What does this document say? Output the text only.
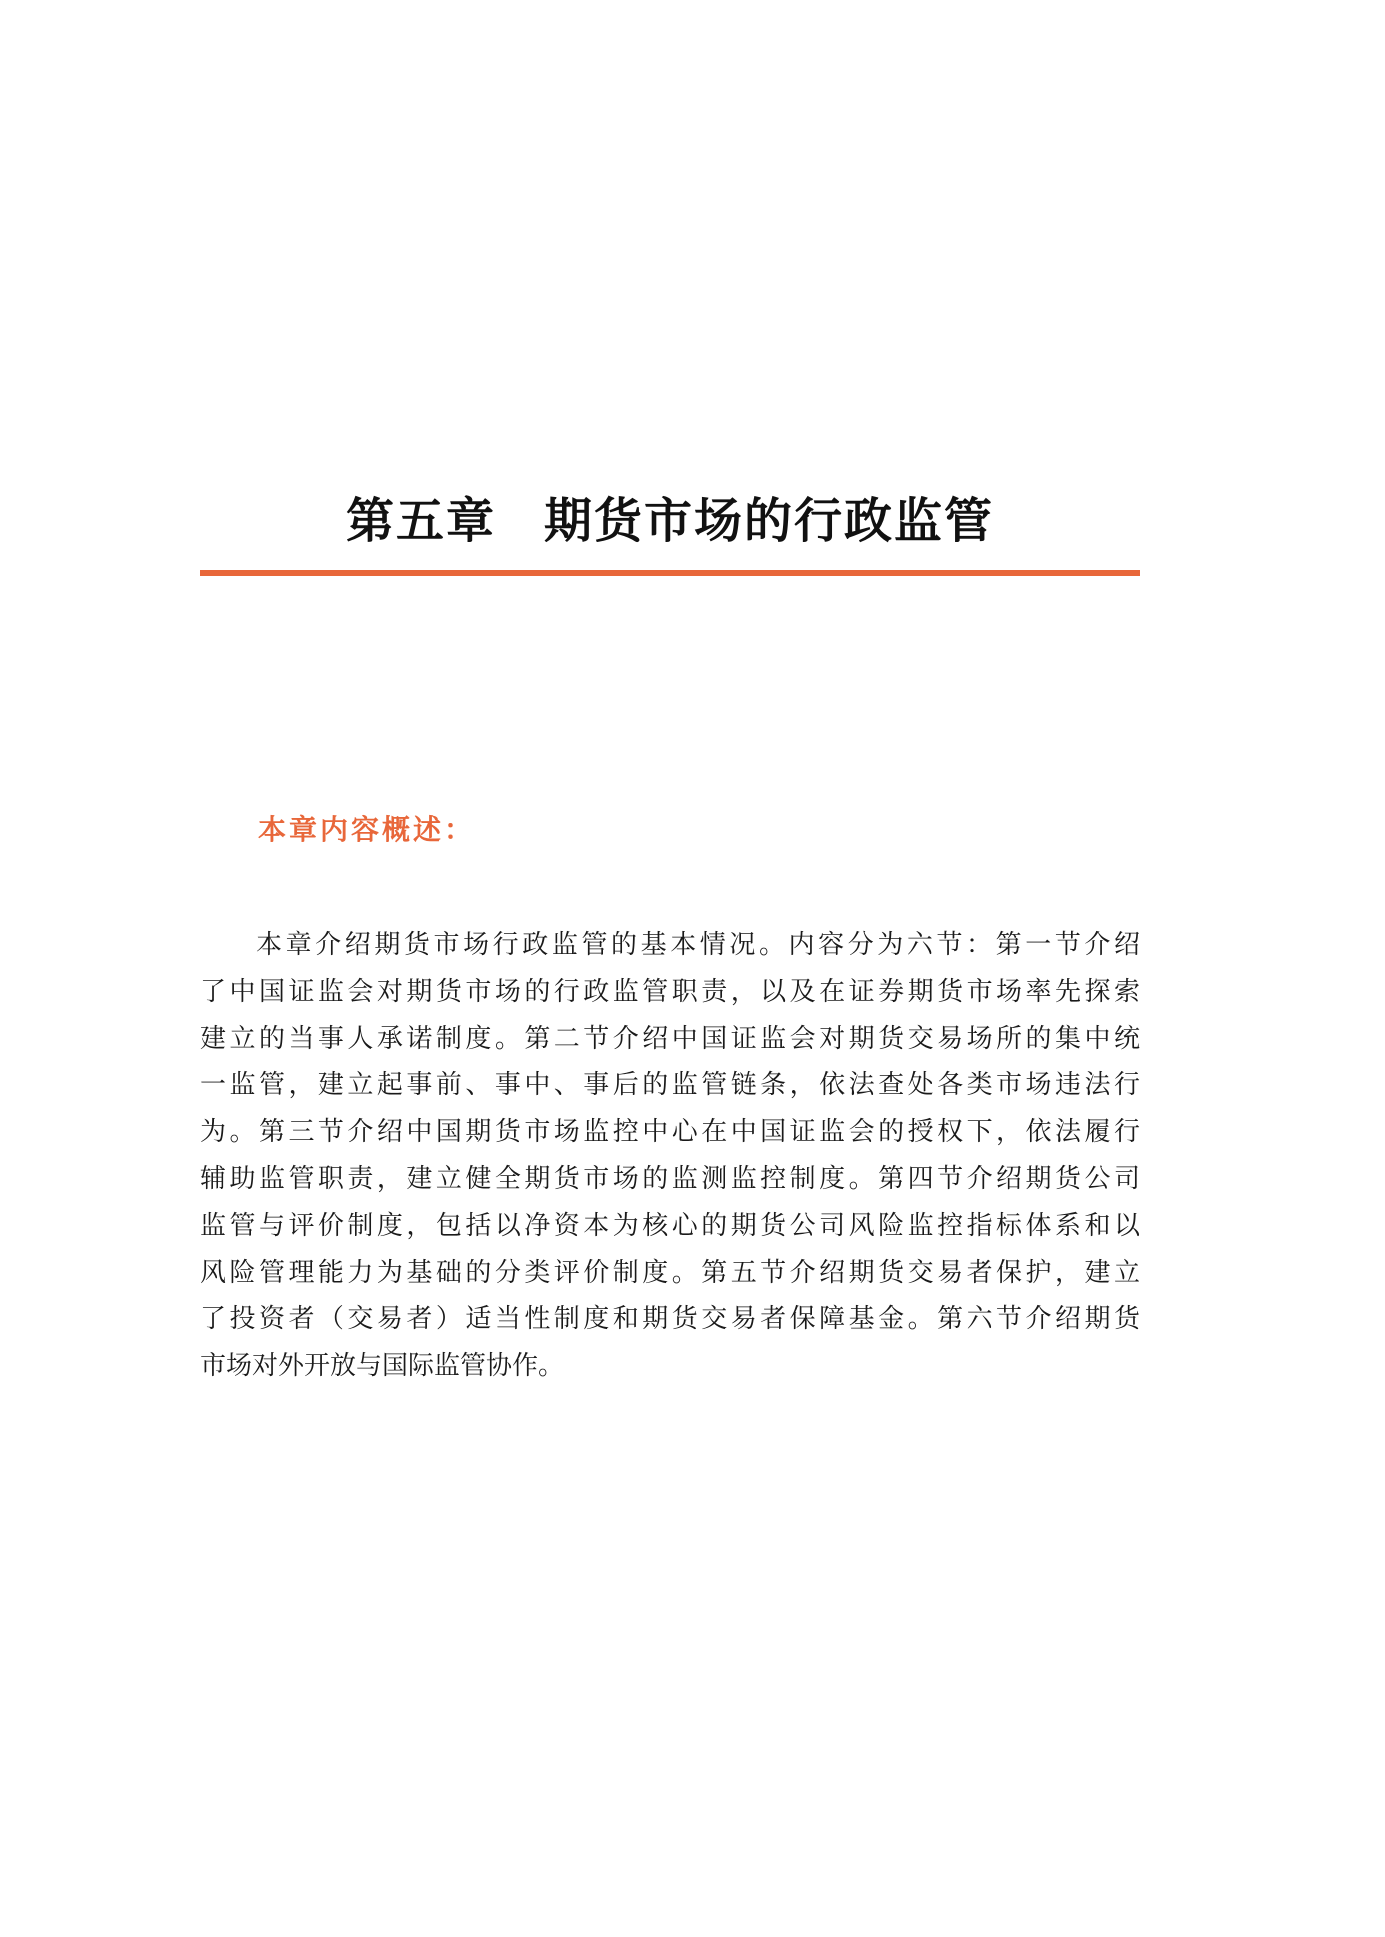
第五章 期货市场的行政监管
本章内容概述：
本章介绍期货市场行政监管的基本情况。内容分为六节：第一节介绍
了中国证监会对期货市场的行政监管职责，以及在证券期货市场率先探索
建立的当事人承诺制度。第二节介绍中国证监会对期货交易场所的集中统
一监管，建立起事前、事中、事后的监管链条，依法查处各类市场违法行
为。第三节介绍中国期货市场监控中心在中国证监会的授权下，依法履行
辅助监管职责，建立健全期货市场的监测监控制度。第四节介绍期货公司
监管与评价制度，包括以净资本为核心的期货公司风险监控指标体系和以
风险管理能力为基础的分类评价制度。第五节介绍期货交易者保护，建立
了投资者（交易者）适当性制度和期货交易者保障基金。第六节介绍期货
市场对外开放与国际监管协作。
